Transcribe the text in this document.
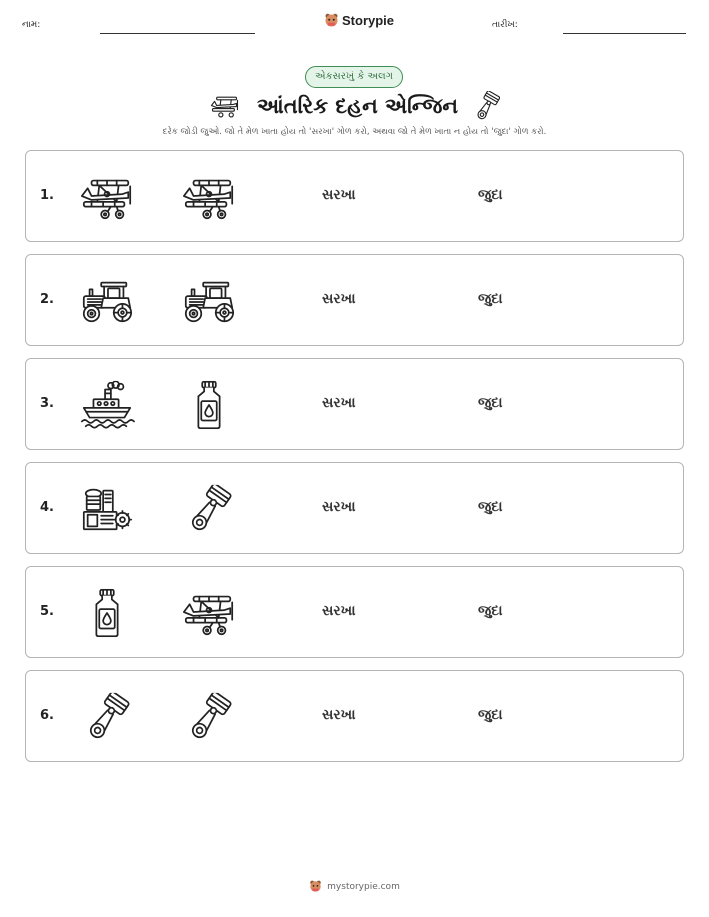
નામ:	Storypie	તારીખ:
એકસરખું કે અલગ
આંતરિક દહન એન્જિન
દરેક જોડી જુઓ. જો તે મેળ ખાતા હોય તો 'સરખા' ગોળ કરો, અથવા જો તે મેળ ખાતા ન હોય તો 'જુદા' ગોળ કરો.
1.	સરખા	જુદા
2.	સરખા	જુદા
3.	સરખા	જુદા
4.	સરખા	જુદા
5.	સરખા	જુદા
6.	સરખા	જુદા
mystorypie.com
